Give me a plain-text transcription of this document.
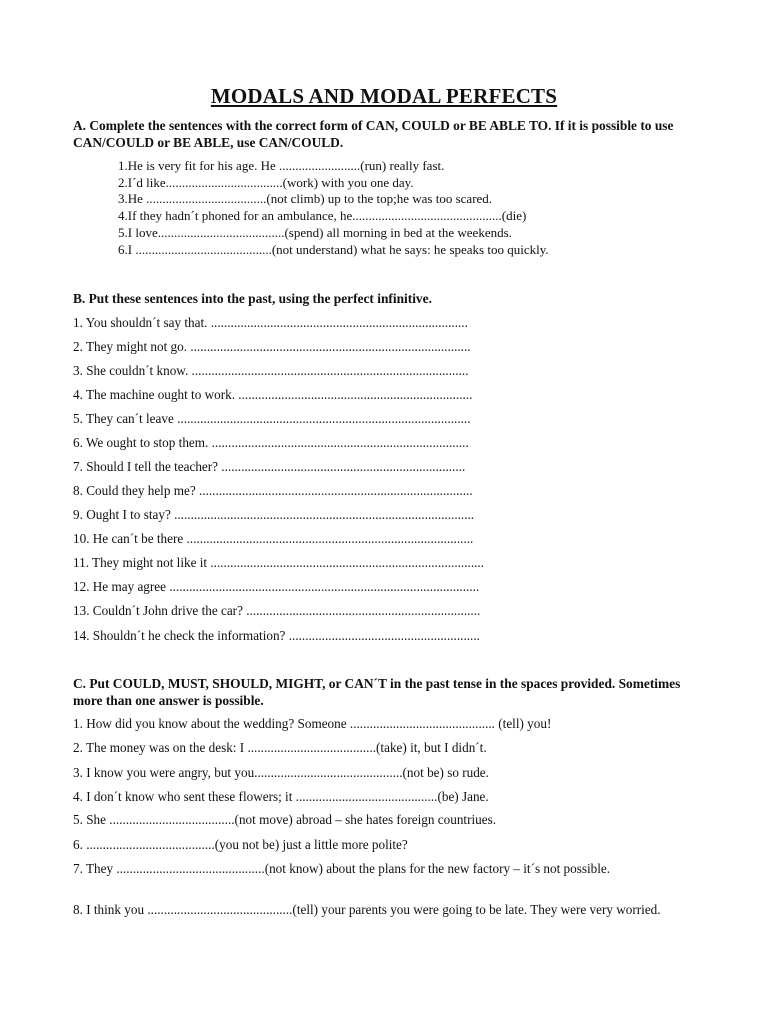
MODALS AND MODAL PERFECTS

A. Complete the sentences with the correct form of CAN, COULD or BE ABLE TO. If it is possible to use CAN/COULD or BE ABLE, use CAN/COULD.

1.He is very fit for his age. He .........................(run) really fast.

2.I´d like....................................(work) with you one day.

3.He .....................................(not climb) up to the top;he was too scared.

4.If they hadn´t phoned for an ambulance, he..............................................(die)

5.I love.......................................(spend) all morning in bed at the weekends.

6.I ..........................................(not understand) what he says: he speaks too quickly.

B. Put these sentences into the past, using the perfect infinitive.

1. You shouldn´t say that. ..............................................................................

2. They might not go. .....................................................................................

3. She couldn´t know. ....................................................................................

4. The machine ought to work. .......................................................................

5. They can´t leave .........................................................................................

6. We ought to stop them. ..............................................................................

7. Should I tell the teacher? ..........................................................................

8. Could they help me? ...................................................................................

9. Ought I to stay? ...........................................................................................

10. He can´t be there .......................................................................................

11. They might not like it ...................................................................................

12. He may agree ..............................................................................................

13. Couldn´t John drive the car? .......................................................................

14. Shouldn´t he check the information? ..........................................................

C. Put COULD, MUST, SHOULD, MIGHT, or CAN´T in the past tense in the spaces provided. Sometimes more than one answer is possible.

1. How did you know about the wedding? Someone ............................................ (tell) you!

2. The money was on the desk: I .......................................(take) it, but I didn´t.

3. I know you were angry, but you.............................................(not be) so rude.

4. I don´t know who sent these flowers; it ...........................................(be) Jane.

5. She ......................................(not move) abroad – she hates foreign countriues.

6. .......................................(you not be) just a little more polite?

7. They .............................................(not know) about the plans for the new factory – it´s not possible.

8. I think you ............................................(tell) your parents you were going to be late. They were very worried.
